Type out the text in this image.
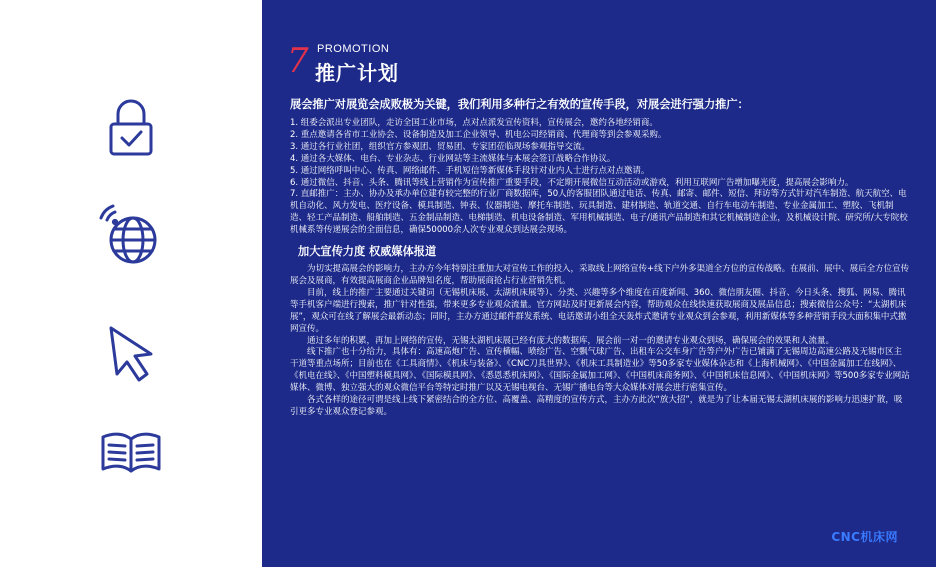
7 PROMOTION
推广计划

展会推广对展览会成败极为关键，我们利用多种行之有效的宣传手段，对展会进行强力推广：

1. 组委会派出专业团队，走访全国工业市场，点对点派发宣传资料，宣传展会，邀约各地经销商。
2. 重点邀请各省市工业协会、设备制造及加工企业领导、机电公司经销商、代理商等到会参观采购。
3. 通过各行业社团，组织官方参观团、贸易团、专家团莅临现场参观指导交流。
4. 通过各大媒体、电台、专业杂志、行业网站等主流媒体与本展会签订战略合作协议。
5. 通过网络呼叫中心、传真、网络邮件、手机短信等新媒体手段针对业内人士进行点对点邀请。
6. 通过微信、抖音、头条、腾讯等线上营销作为宣传推广重要手段，不定期开展微信互动活动或游戏，利用互联网广告增加曝光度，提高展会影响力。
7. 直邮推广：主办、协办及承办单位建有较完整的行业厂商数据库，50人的客服团队通过电话、传真、邮寄、邮件、短信、拜访等方式针对汽车制造、航天航空、电机自动化、风力发电、医疗设备、模具制造、钟表、仪器制造、摩托车制造、玩具制造、建材制造、轨道交通、自行车电动车制造、专业金属加工、塑胶、飞机制造、轻工产品制造、船舶制造、五金制品制造、电梯制造、机电设备制造、军用机械制造、电子/通讯产品制造和其它机械制造企业，及机械设计院、研究所/大专院校机械系等传递展会的全面信息，确保50000余人次专业观众到达展会现场。
加大宣传力度 权威媒体报道

为切实提高展会的影响力，主办方今年特别注重加大对宣传工作的投入，采取线上网络宣传+线下户外多渠道全方位的宣传战略。在展前、展中、展后全方位宣传展会及展商，有效提高展商企业品牌知名度，帮助展商抢占行业营销先机。

目前，线上的推广主要通过关键词（无锡机床展、太湖机床展等）、分类、兴趣等多个维度在百度新闻、360、微信朋友圈、抖音、今日头条、搜狐、网易、腾讯等手机客户端进行搜索，推广针对性强，带来更多专业观众流量。官方网站及时更新展会内容，帮助观众在线快速获取展商及展品信息；搜索微信公众号：“太湖机床展”，观众可在线了解展会最新动态；同时，主办方通过邮件群发系统、电话邀请小组全天轰炸式邀请专业观众到会参观，利用新媒体等多种营销手段大面积集中式撒网宣传。

通过多年的积累，再加上网络的宣传，无锡太湖机床展已经有庞大的数据库，展会前一对一的邀请专业观众到场，确保展会的效果和人流量。

线下推广也十分给力，具体有：高速高炮广告、宣传横幅、喷绘广告、空飘气球广告、出租车公交车身广告等户外广告已铺满了无锡周边高速公路及无锡市区主干道等重点场所；目前也在《工具商情》、《机床与装备》、《CNC刀具世界》、《机床工具制造业》等50多家专业媒体杂志和《上海机械网》、《中国金属加工在线网》、《机电在线》、《中国塑料模具网》、《国际模具网》、《悉恩悉机床网》、《国际金属加工网》、《中国机床商务网》、《中国机床信息网》、《中国机床网》等500多家专业网站媒体、微博、独立强大的观众微信平台等特定时推广以及无锡电视台、无锡广播电台等大众媒体对展会进行密集宣传。

各式各样的途径可谓是线上线下紧密结合的全方位、高覆盖、高精度的宣传方式，主办方此次“放大招”，就是为了让本届无锡太湖机床展的影响力迅速扩散，吸引更多专业观众登记参观。

CNC机床网
